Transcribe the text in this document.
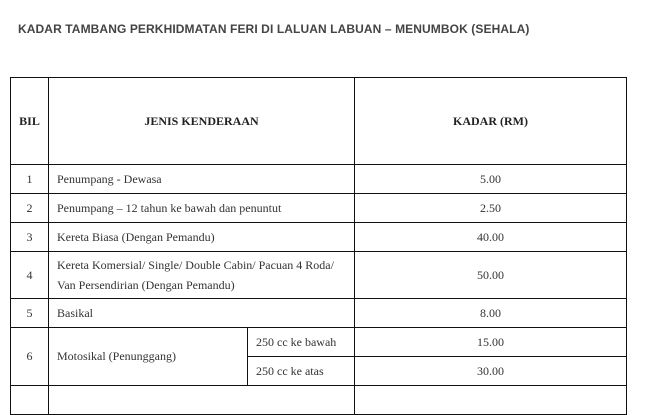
KADAR TAMBANG PERKHIDMATAN FERI DI LALUAN LABUAN – MENUMBOK (SEHALA)
BIL	JENIS KENDERAAN		KADAR (RM)
1	Penumpang - Dewasa		5.00
2	Penumpang – 12 tahun ke bawah dan penuntut		2.50
3	Kereta Biasa (Dengan Pemandu)		40.00
4	Kereta Komersial/ Single/ Double Cabin/ Pacuan 4 Roda/ Van Persendirian (Dengan Pemandu)		50.00
5	Basikal		8.00
6	Motosikal (Penunggang)	250 cc ke bawah	15.00
		250 cc ke atas	30.00
